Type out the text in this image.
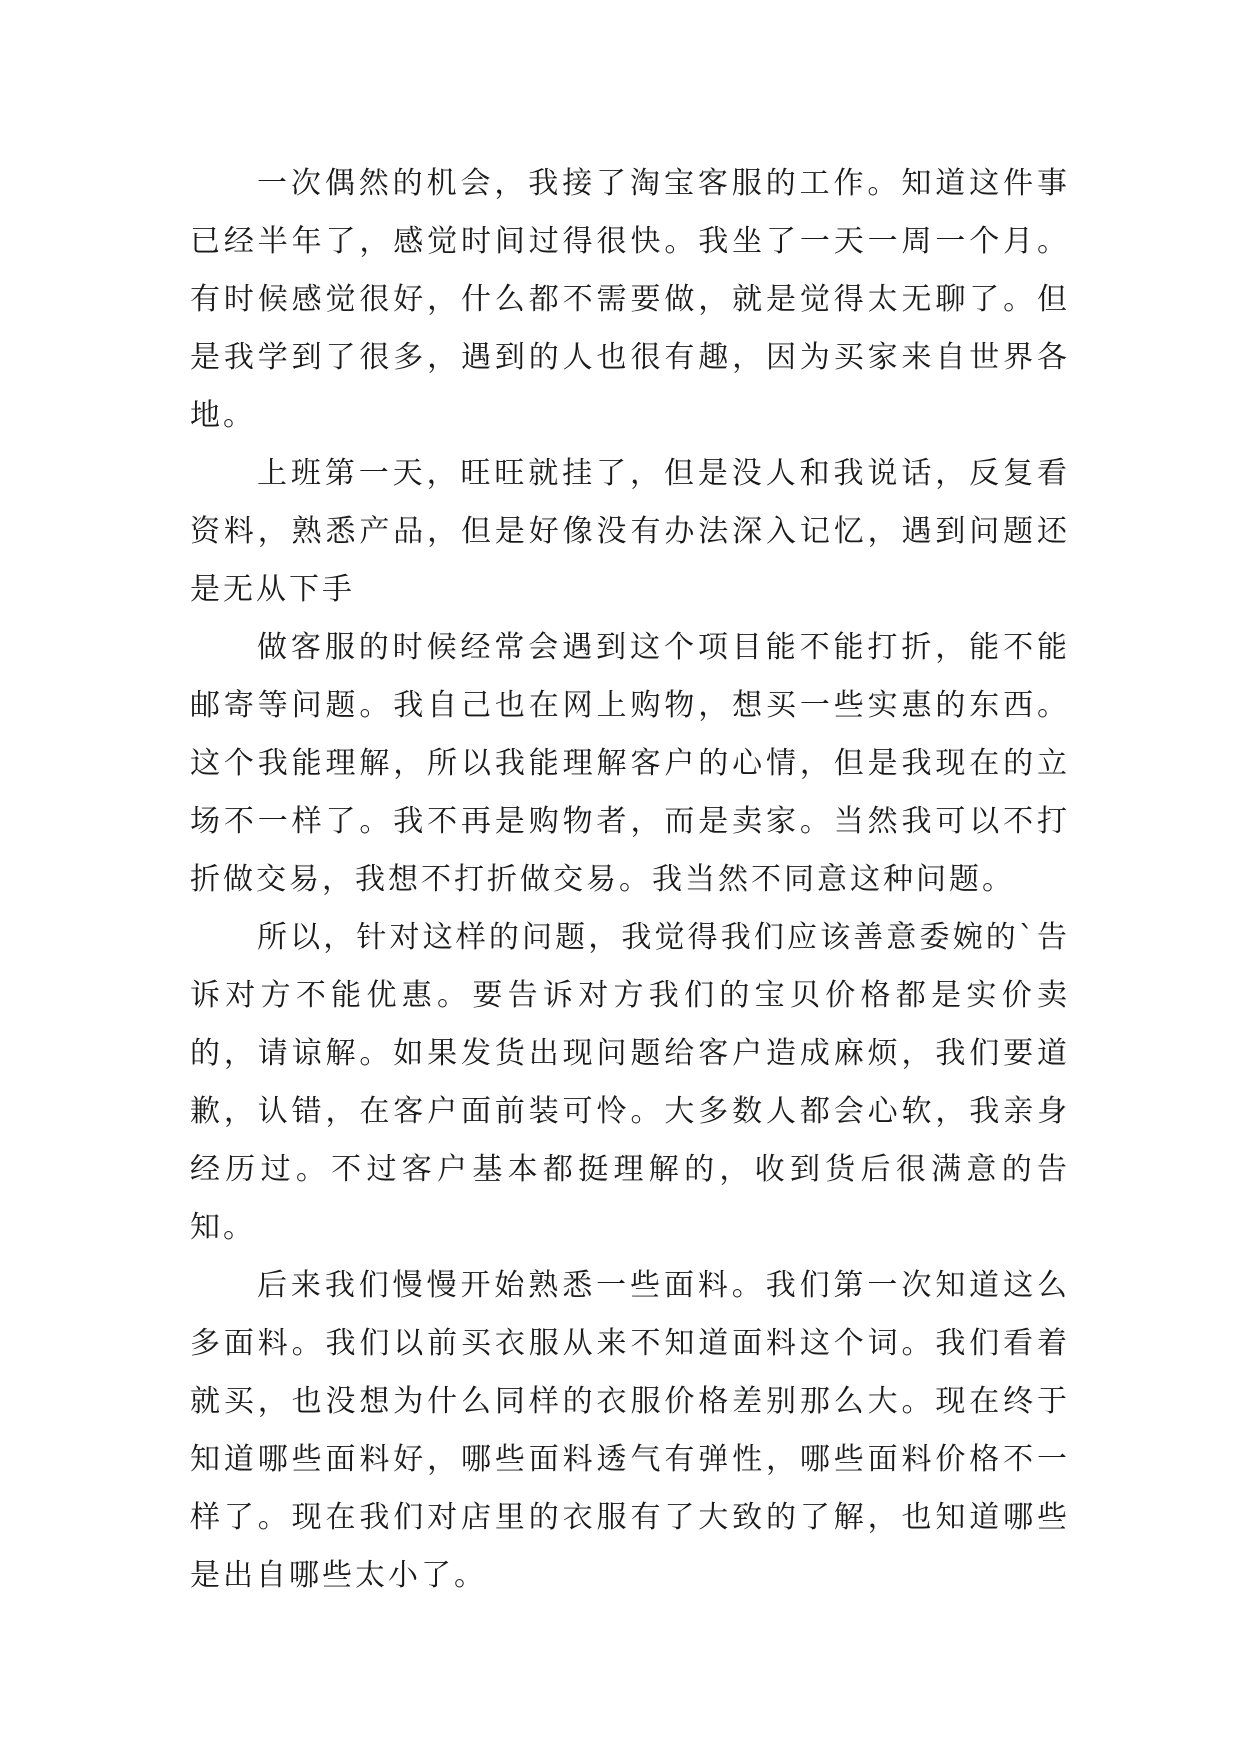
一次偶然的机会，我接了淘宝客服的工作。知道这件事已经半年了，感觉时间过得很快。我坐了一天一周一个月。有时候感觉很好，什么都不需要做，就是觉得太无聊了。但是我学到了很多，遇到的人也很有趣，因为买家来自世界各地。

上班第一天，旺旺就挂了，但是没人和我说话，反复看资料，熟悉产品，但是好像没有办法深入记忆，遇到问题还是无从下手

做客服的时候经常会遇到这个项目能不能打折，能不能邮寄等问题。我自己也在网上购物，想买一些实惠的东西。这个我能理解，所以我能理解客户的心情，但是我现在的立场不一样了。我不再是购物者，而是卖家。当然我可以不打折做交易，我想不打折做交易。我当然不同意这种问题。

所以，针对这样的问题，我觉得我们应该善意委婉的`告诉对方不能优惠。要告诉对方我们的宝贝价格都是实价卖的，请谅解。如果发货出现问题给客户造成麻烦，我们要道歉，认错，在客户面前装可怜。大多数人都会心软，我亲身经历过。不过客户基本都挺理解的，收到货后很满意的告知。

后来我们慢慢开始熟悉一些面料。我们第一次知道这么多面料。我们以前买衣服从来不知道面料这个词。我们看着就买，也没想为什么同样的衣服价格差别那么大。现在终于知道哪些面料好，哪些面料透气有弹性，哪些面料价格不一样了。现在我们对店里的衣服有了大致的了解，也知道哪些是出自哪些太小了。
